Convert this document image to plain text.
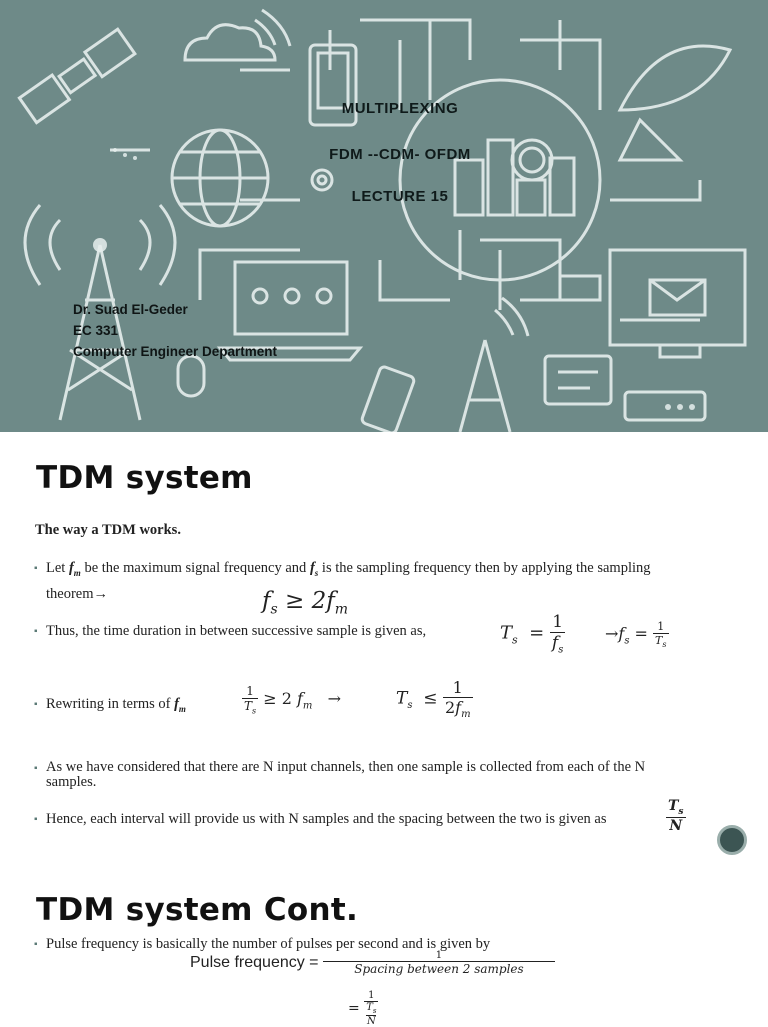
MULTIPLEXING
FDM --CDM- OFDM
LECTURE 15
Dr. Suad El-Geder
EC 331
Computer Engineer Department
TDM system
The way a TDM works.
▪ Let $f_m$ be the maximum signal frequency and $f_s$ is the sampling frequency then by applying the sampling
theorem→	$f_s \ge 2f_m$
▪ Thus, the time duration in between successive sample is given as,	$T_s = \frac{1}{f_s} \to f_s = \frac{1}{T_s}$
▪ Rewriting in terms of $f_m$	$\frac{1}{T_s} \ge 2$ $f_m$ →	$T_s \le \frac{1}{2f_m}$
▪ As we have considered that there are N input channels, then one sample is collected from each of the N
samples.
▪ Hence, each interval will provide us with N samples and the spacing between the two is given as	$\frac{T_s}{N}$
TDM system Cont.
▪ Pulse frequency is basically the number of pulses per second and is given by
Pulse frequency = $\frac{1}{\text{Spacing between 2 samples}}$
=
1
$T_s$
N
